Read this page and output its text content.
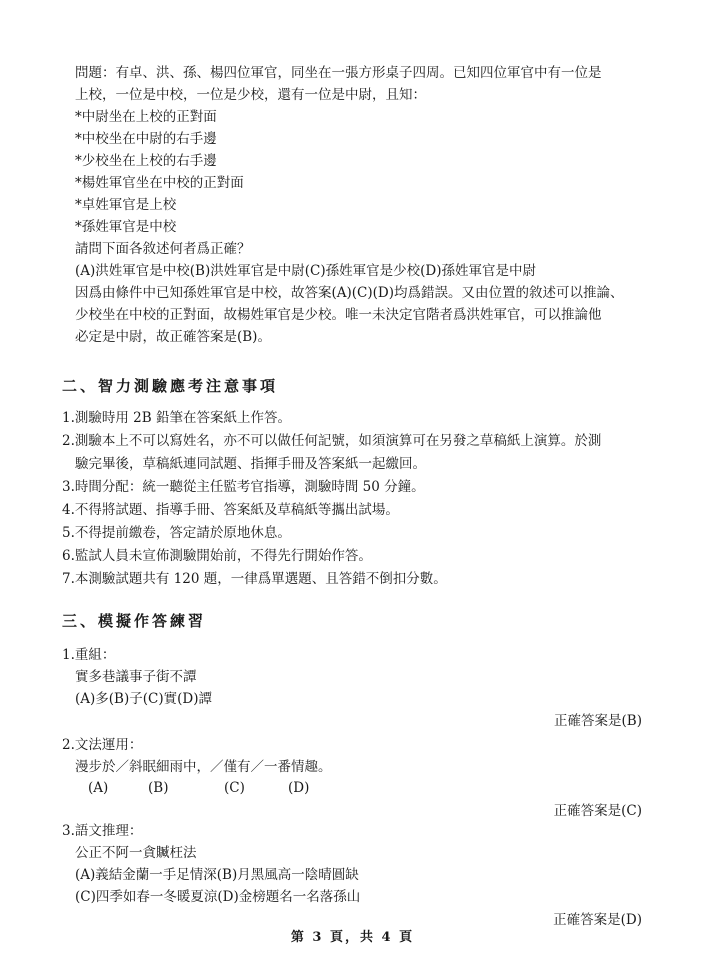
問題：有卓、洪、孫、楊四位軍官，同坐在一張方形桌子四周。已知四位軍官中有一位是
上校，一位是中校，一位是少校，還有一位是中尉，且知：
*中尉坐在上校的正對面
*中校坐在中尉的右手邊
*少校坐在上校的右手邊
*楊姓軍官坐在中校的正對面
*卓姓軍官是上校
*孫姓軍官是中校
請問下面各敘述何者爲正確？
(A)洪姓軍官是中校(B)洪姓軍官是中尉(C)孫姓軍官是少校(D)孫姓軍官是中尉
因爲由條件中已知孫姓軍官是中校，故答案(A)(C)(D)均爲錯誤。又由位置的敘述可以推論、
少校坐在中校的正對面，故楊姓軍官是少校。唯一未決定官階者爲洪姓軍官，可以推論他
必定是中尉，故正確答案是(B)。
二、智力測驗應考注意事項
1.測驗時用 2B 鉛筆在答案紙上作答。
2.測驗本上不可以寫姓名，亦不可以做任何記號，如須演算可在另發之草稿紙上演算。於測
驗完畢後，草稿紙連同試題、指揮手冊及答案紙一起繳回。
3.時間分配：統一聽從主任監考官指導，測驗時間 50 分鐘。
4.不得將試題、指導手冊、答案紙及草稿紙等攜出試場。
5.不得提前繳卷，答定請於原地休息。
6.監試人員未宣佈測驗開始前，不得先行開始作答。
7.本測驗試題共有 120 題，一律爲單選題、且答錯不倒扣分數。
三、模擬作答練習
1.重組：
實多巷議事子街不譚
(A)多(B)子(C)實(D)譚
正確答案是(B)
2.文法運用：
漫步於／斜眠細雨中，／僅有／一番情趣。
(A)	(B)	(C)	(D)
正確答案是(C)
3.語文推理：
公正不阿一貪贓枉法
(A)義結金蘭一手足情深(B)月黑風高一陰晴圓缺
(C)四季如春一冬暖夏涼(D)金榜題名一名落孫山
正確答案是(D)
第 3 頁，共 4 頁
